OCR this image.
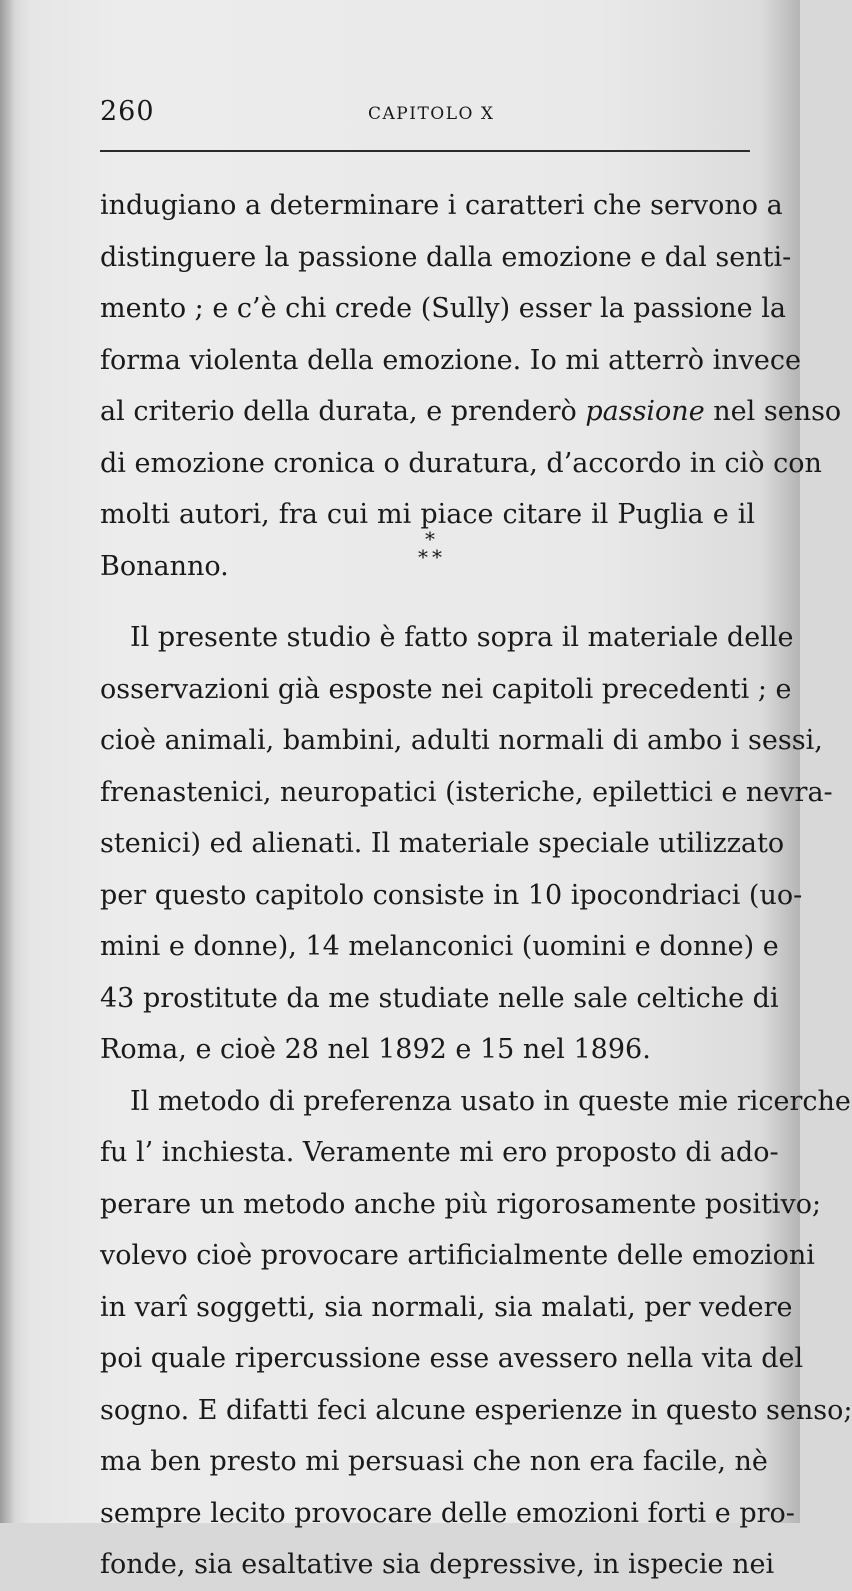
260	CAPITOLO X
indugiano a determinare i caratteri che servono a
distinguere la passione dalla emozione e dal senti-
mento ; e c’è chi crede (Sully) esser la passione la
forma violenta della emozione. Io mi atterrò invece
al criterio della durata, e prenderò passione nel senso
di emozione cronica o duratura, d’accordo in ciò con
molti autori, fra cui mi piace citare il Puglia e il
Bonanno.
*
* *
Il presente studio è fatto sopra il materiale delle
osservazioni già esposte nei capitoli precedenti ; e
cioè animali, bambini, adulti normali di ambo i sessi,
frenastenici, neuropatici (isteriche, epilettici e nevra-
stenici) ed alienati. Il materiale speciale utilizzato
per questo capitolo consiste in 10 ipocondriaci (uo-
mini e donne), 14 melanconici (uomini e donne) e
43 prostitute da me studiate nelle sale celtiche di
Roma, e cioè 28 nel 1892 e 15 nel 1896.
Il metodo di preferenza usato in queste mie ricerche
fu l’ inchiesta. Veramente mi ero proposto di ado-
perare un metodo anche più rigorosamente positivo;
volevo cioè provocare artificialmente delle emozioni
in varî soggetti, sia normali, sia malati, per vedere
poi quale ripercussione esse avessero nella vita del
sogno. E difatti feci alcune esperienze in questo senso;
ma ben presto mi persuasi che non era facile, nè
sempre lecito provocare delle emozioni forti e pro-
fonde, sia esaltative sia depressive, in ispecie nei
